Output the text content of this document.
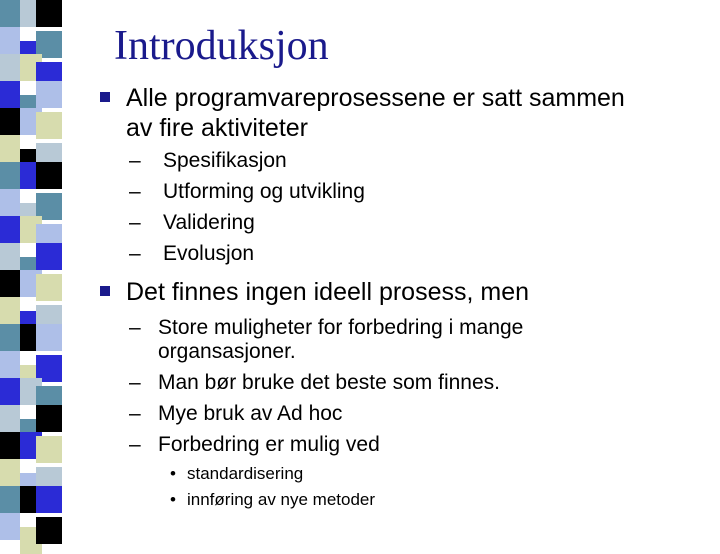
Introduksjon
Alle programvareprosessene er satt sammen
av fire aktiviteter
– Spesifikasjon
– Utforming og utvikling
– Validering
– Evolusjon
Det finnes ingen ideell prosess, men
– Store muligheter for forbedring i mange
organsasjoner.
– Man bør bruke det beste som finnes.
– Mye bruk av Ad hoc
– Forbedring er mulig ved
• standardisering
• innføring av nye metoder
